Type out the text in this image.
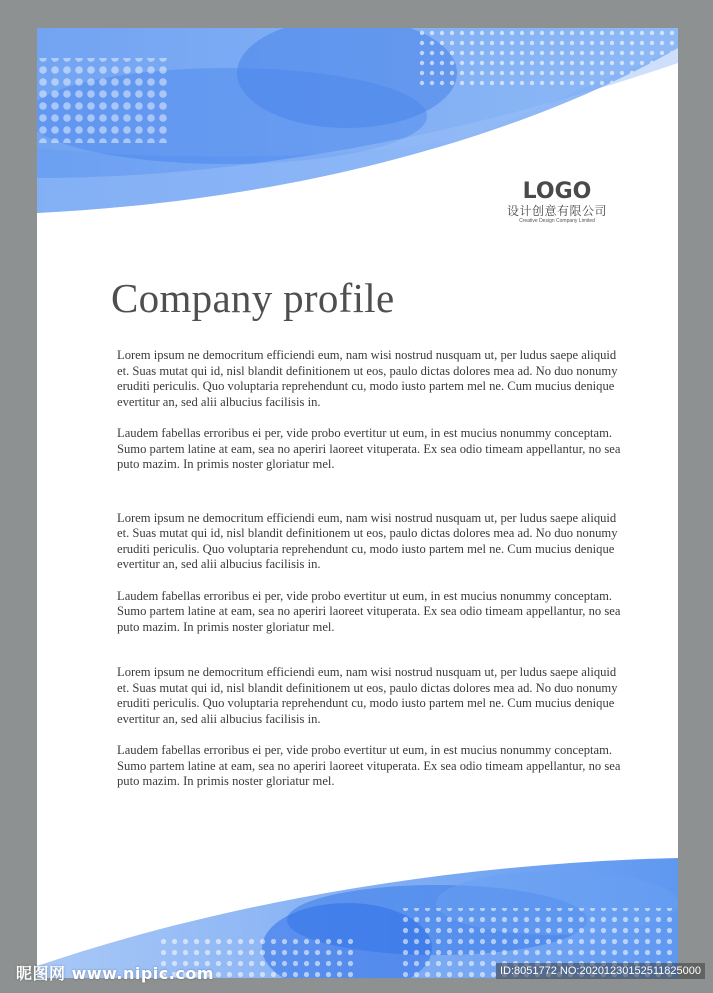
LOGO
设计创意有限公司
Creative Design Company Limited
Company profile

Lorem ipsum ne democritum efficiendi eum, nam wisi nostrud nusquam ut, per ludus saepe aliquid et. Suas mutat qui id, nisl blandit definitionem ut eos, paulo dictas dolores mea ad. No duo nonumy eruditi periculis. Quo voluptaria reprehendunt cu, modo iusto partem mel ne. Cum mucius denique evertitur an, sed alii albucius facilisis in.

Laudem fabellas erroribus ei per, vide probo evertitur ut eum, in est mucius nonummy conceptam. Sumo partem latine at eam, sea no aperiri laoreet vituperata. Ex sea odio timeam appellantur, no sea puto mazim. In primis noster gloriatur mel.

Lorem ipsum ne democritum efficiendi eum, nam wisi nostrud nusquam ut, per ludus saepe aliquid et. Suas mutat qui id, nisl blandit definitionem ut eos, paulo dictas dolores mea ad. No duo nonumy eruditi periculis. Quo voluptaria reprehendunt cu, modo iusto partem mel ne. Cum mucius denique evertitur an, sed alii albucius facilisis in.

Laudem fabellas erroribus ei per, vide probo evertitur ut eum, in est mucius nonummy conceptam. Sumo partem latine at eam, sea no aperiri laoreet vituperata. Ex sea odio timeam appellantur, no sea puto mazim. In primis noster gloriatur mel.

Lorem ipsum ne democritum efficiendi eum, nam wisi nostrud nusquam ut, per ludus saepe aliquid et. Suas mutat qui id, nisl blandit definitionem ut eos, paulo dictas dolores mea ad. No duo nonumy eruditi periculis. Quo voluptaria reprehendunt cu, modo iusto partem mel ne. Cum mucius denique evertitur an, sed alii albucius facilisis in.

Laudem fabellas erroribus ei per, vide probo evertitur ut eum, in est mucius nonummy conceptam. Sumo partem latine at eam, sea no aperiri laoreet vituperata. Ex sea odio timeam appellantur, no sea puto mazim. In primis noster gloriatur mel.

昵图网 www.nipic.com	ID:8051772 NO:20201230152511825000
